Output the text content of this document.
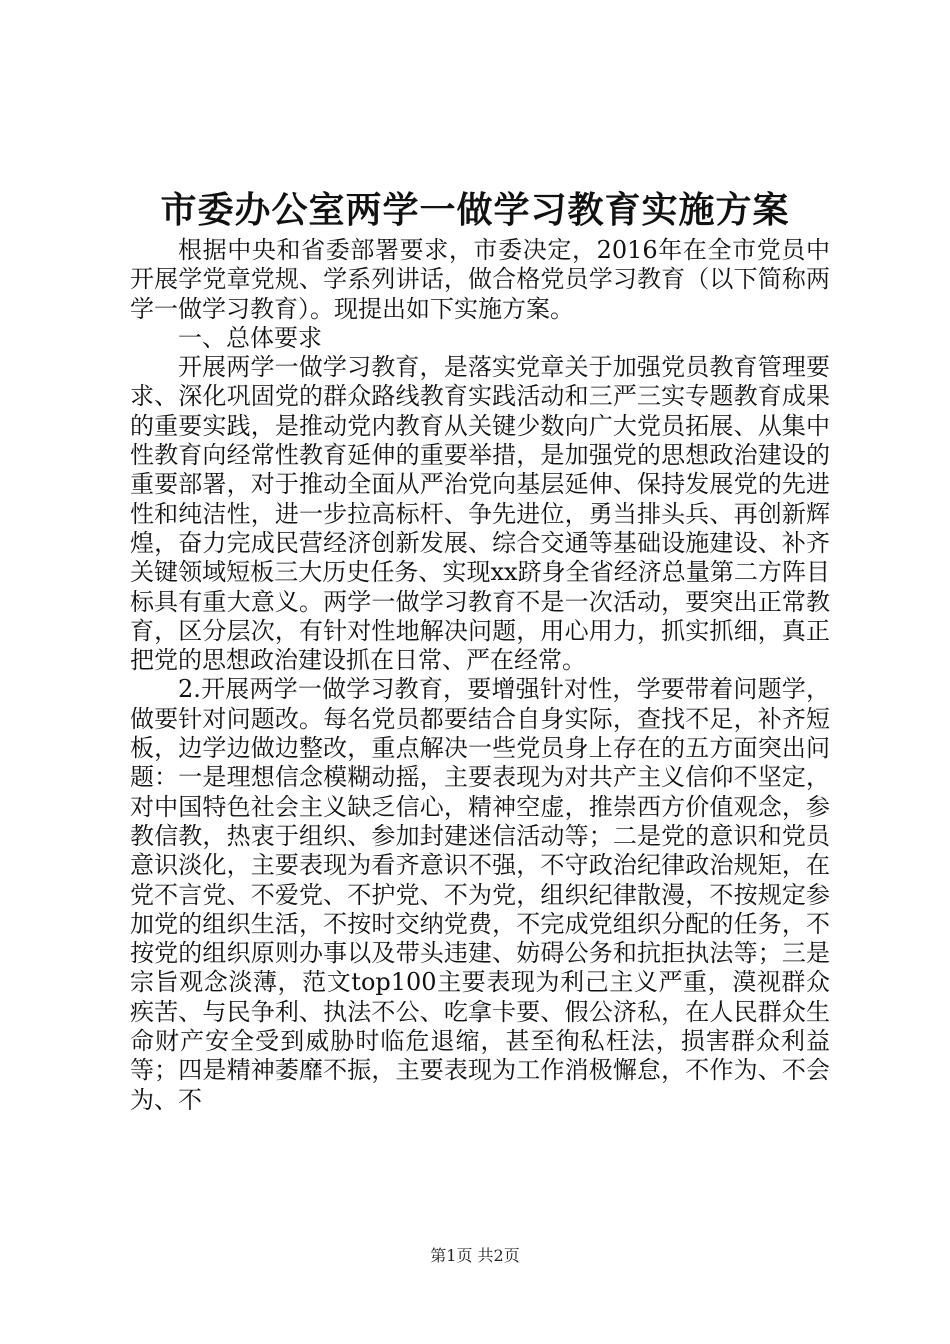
市委办公室两学一做学习教育实施方案

根据中央和省委部署要求，市委决定，2016年在全市党员中开展学党章党规、学系列讲话，做合格党员学习教育（以下简称两学一做学习教育）。现提出如下实施方案。

一、总体要求

开展两学一做学习教育，是落实党章关于加强党员教育管理要求、深化巩固党的群众路线教育实践活动和三严三实专题教育成果的重要实践，是推动党内教育从关键少数向广大党员拓展、从集中性教育向经常性教育延伸的重要举措，是加强党的思想政治建设的重要部署，对于推动全面从严治党向基层延伸、保持发展党的先进性和纯洁性，进一步拉高标杆、争先进位，勇当排头兵、再创新辉煌，奋力完成民营经济创新发展、综合交通等基础设施建设、补齐关键领域短板三大历史任务、实现xx跻身全省经济总量第二方阵目标具有重大意义。两学一做学习教育不是一次活动，要突出正常教育，区分层次，有针对性地解决问题，用心用力，抓实抓细，真正把党的思想政治建设抓在日常、严在经常。

2.开展两学一做学习教育，要增强针对性，学要带着问题学，做要针对问题改。每名党员都要结合自身实际，查找不足，补齐短板，边学边做边整改，重点解决一些党员身上存在的五方面突出问题：一是理想信念模糊动摇，主要表现为对共产主义信仰不坚定，对中国特色社会主义缺乏信心，精神空虚，推崇西方价值观念，参教信教，热衷于组织、参加封建迷信活动等；二是党的意识和党员意识淡化，主要表现为看齐意识不强，不守政治纪律政治规矩，在党不言党、不爱党、不护党、不为党，组织纪律散漫，不按规定参加党的组织生活，不按时交纳党费，不完成党组织分配的任务，不按党的组织原则办事以及带头违建、妨碍公务和抗拒执法等；三是宗旨观念淡薄，范文top100主要表现为利己主义严重，漠视群众疾苦、与民争利、执法不公、吃拿卡要、假公济私，在人民群众生命财产安全受到威胁时临危退缩，甚至徇私枉法，损害群众利益等；四是精神萎靡不振，主要表现为工作消极懈怠，不作为、不会为、不

第1页 共2页
